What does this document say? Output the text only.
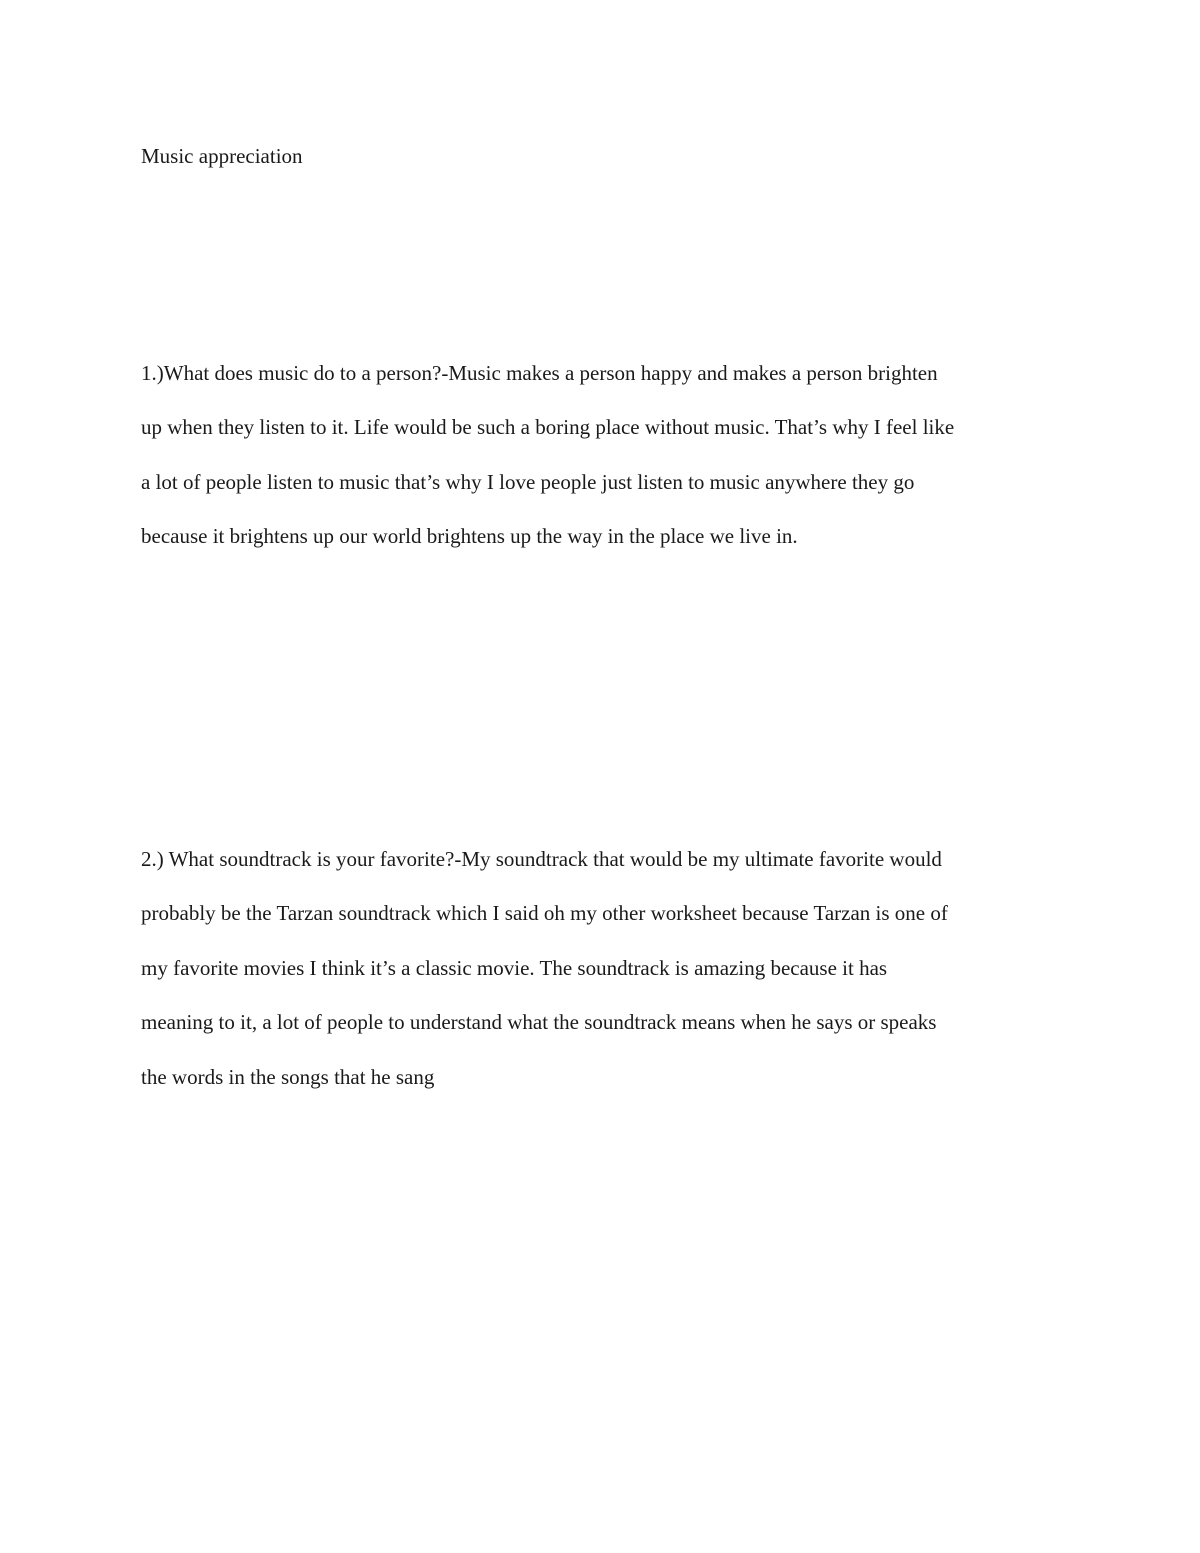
Music appreciation
1.)What does music do to a person?-Music makes a person happy and makes a person brighten
up when they listen to it. Life would be such a boring place without music. That’s why I feel like
a lot of people listen to music that’s why I love people just listen to music anywhere they go
because it brightens up our world brightens up the way in the place we live in.
2.) What soundtrack is your favorite?-My soundtrack that would be my ultimate favorite would
probably be the Tarzan soundtrack which I said oh my other worksheet because Tarzan is one of
my favorite movies I think it’s a classic movie. The soundtrack is amazing because it has
meaning to it, a lot of people to understand what the soundtrack means when he says or speaks
the words in the songs that he sang
